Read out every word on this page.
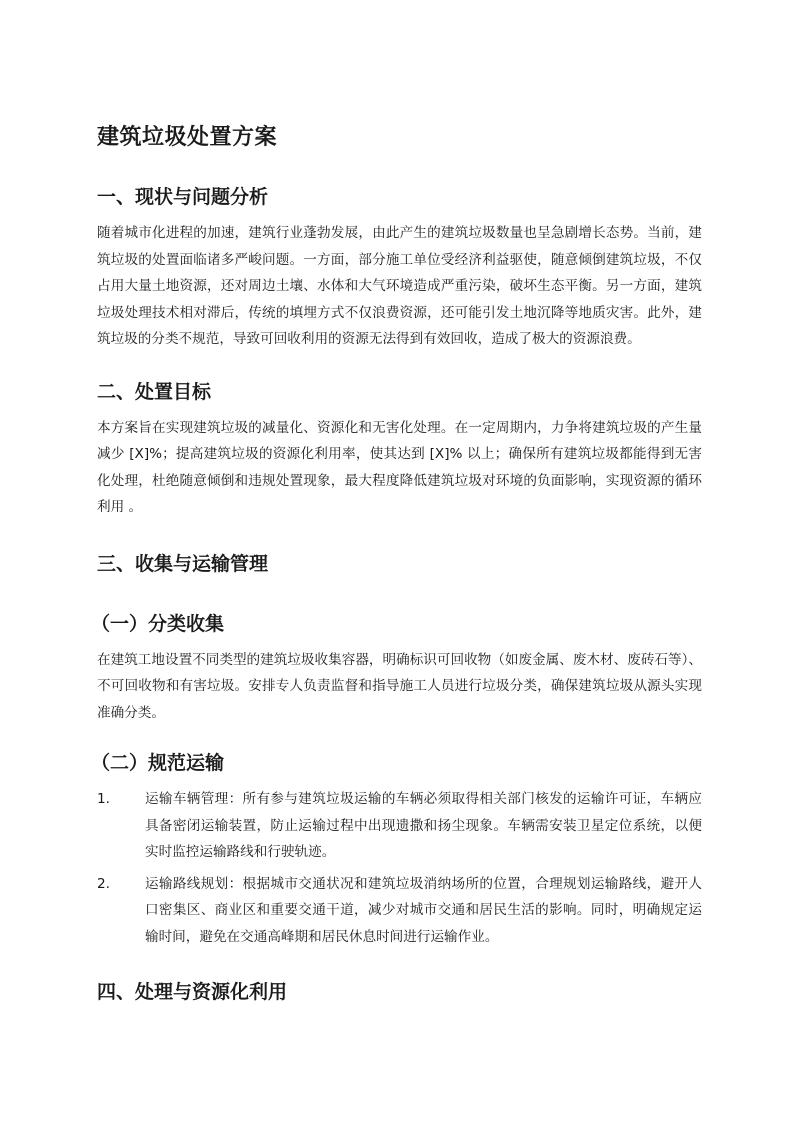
建筑垃圾处置方案
一、现状与问题分析

随着城市化进程的加速，建筑行业蓬勃发展，由此产生的建筑垃圾数量也呈急剧增长态势。当前，建筑垃圾的处置面临诸多严峻问题。一方面，部分施工单位受经济利益驱使，随意倾倒建筑垃圾，不仅占用大量土地资源，还对周边土壤、水体和大气环境造成严重污染，破坏生态平衡。另一方面，建筑垃圾处理技术相对滞后，传统的填埋方式不仅浪费资源，还可能引发土地沉降等地质灾害。此外，建筑垃圾的分类不规范，导致可回收利用的资源无法得到有效回收，造成了极大的资源浪费。

二、处置目标

本方案旨在实现建筑垃圾的减量化、资源化和无害化处理。在一定周期内，力争将建筑垃圾的产生量减少 [X]%；提高建筑垃圾的资源化利用率，使其达到 [X]% 以上；确保所有建筑垃圾都能得到无害化处理，杜绝随意倾倒和违规处置现象，最大程度降低建筑垃圾对环境的负面影响，实现资源的循环利用 。

三、收集与运输管理
（一）分类收集

在建筑工地设置不同类型的建筑垃圾收集容器，明确标识可回收物（如废金属、废木材、废砖石等）、不可回收物和有害垃圾。安排专人负责监督和指导施工人员进行垃圾分类，确保建筑垃圾从源头实现准确分类。

（二）规范运输
1.	运输车辆管理：所有参与建筑垃圾运输的车辆必须取得相关部门核发的运输许可证，车辆应具备密闭运输装置，防止运输过程中出现遗撒和扬尘现象。车辆需安装卫星定位系统，以便实时监控运输路线和行驶轨迹。
2.	运输路线规划：根据城市交通状况和建筑垃圾消纳场所的位置，合理规划运输路线，避开人口密集区、商业区和重要交通干道，减少对城市交通和居民生活的影响。同时，明确规定运输时间，避免在交通高峰期和居民休息时间进行运输作业。
四、处理与资源化利用
